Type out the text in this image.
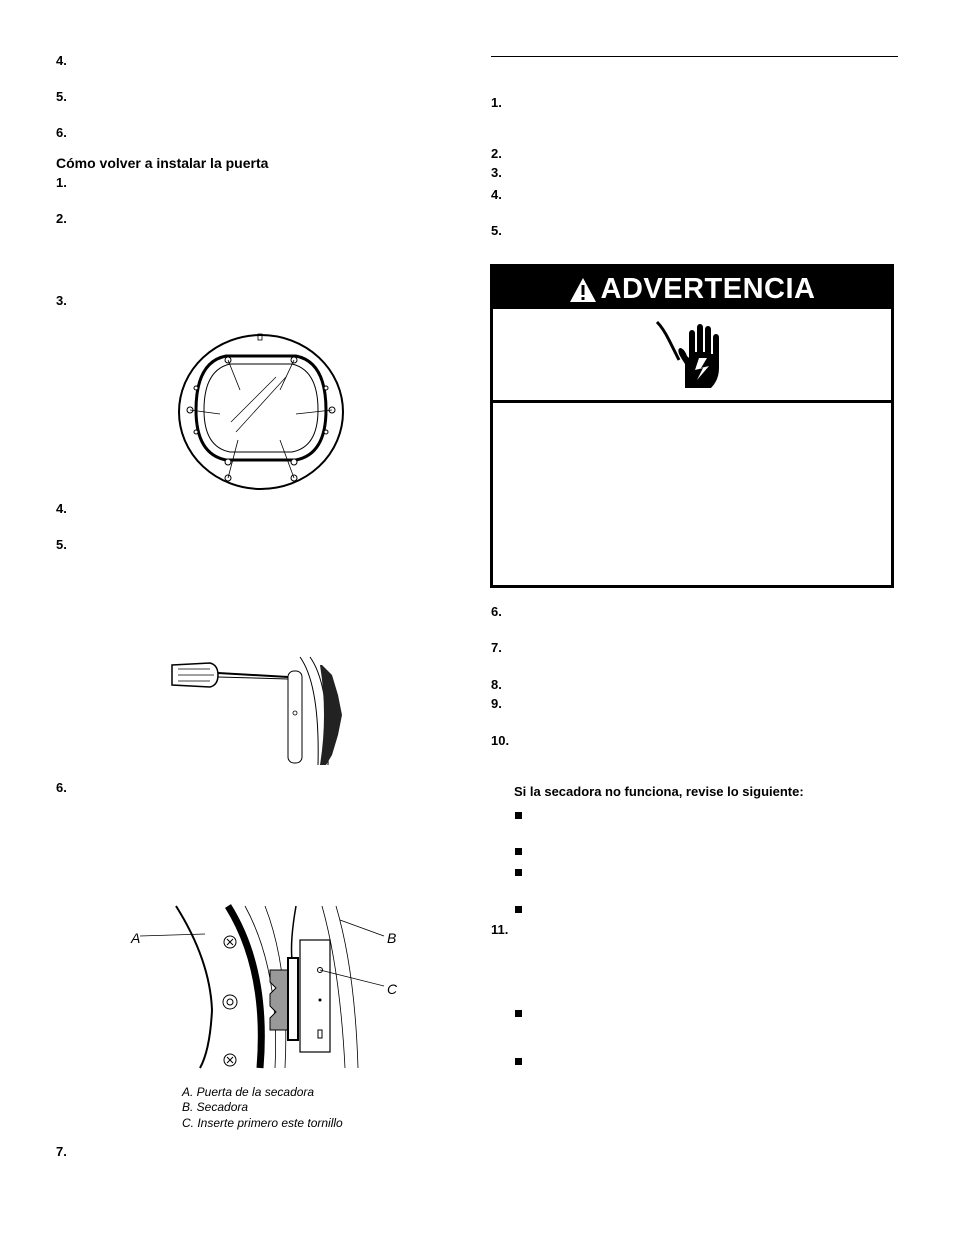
4.
5.
6.
Cómo volver a instalar la puerta
1.
2.
3.
4.
5.
6.
A	B
C
A. Puerta de la secadora
B. Secadora
C. Inserte primero este tornillo
7.
1.
2.
3.
4.
5.
ADVERTENCIA
6.
7.
8.
9.
10.
Si la secadora no funciona, revise lo siguiente:
11.
